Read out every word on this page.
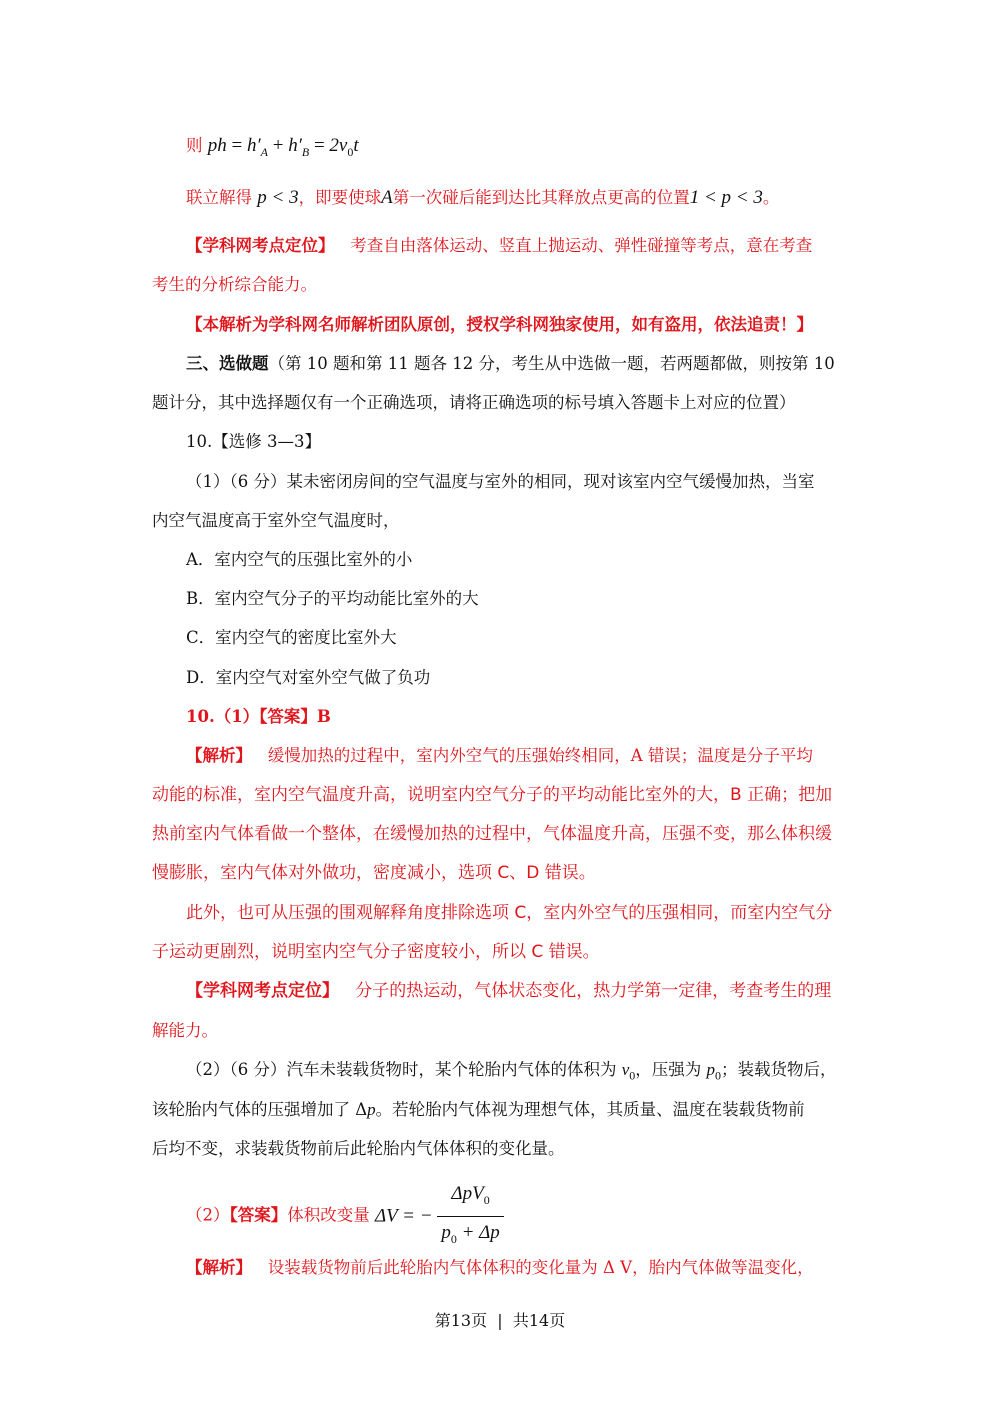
则 ph = $h'_A + h'_B = 2v_0t$
联立解得 p < 3，即要使球A第一次碰后能到达比其释放点更高的位置1 < p < 3。
【学科网考点定位】 考查自由落体运动、竖直上抛运动、弹性碰撞等考点，意在考查
考生的分析综合能力。
【本解析为学科网名师解析团队原创，授权学科网独家使用，如有盗用，依法追责！】
三、选做题（第 10 题和第 11 题各 12 分，考生从中选做一题，若两题都做，则按第 10
题计分，其中选择题仅有一个正确选项，请将正确选项的标号填入答题卡上对应的位置）
10.【选修 3—3】
（1）（6 分）某未密闭房间的空气温度与室外的相同，现对该室内空气缓慢加热，当室
内空气温度高于室外空气温度时，
A．室内空气的压强比室外的小
B．室内空气分子的平均动能比室外的大
C．室内空气的密度比室外大
D．室内空气对室外空气做了负功
10.（1）【答案】B
【解析】 缓慢加热的过程中，室内外空气的压强始终相同，A 错误；温度是分子平均
动能的标准，室内空气温度升高，说明室内空气分子的平均动能比室外的大，B 正确；把加
热前室内气体看做一个整体，在缓慢加热的过程中，气体温度升高，压强不变，那么体积缓
慢膨胀，室内气体对外做功，密度减小，选项 C、D 错误。
此外，也可从压强的围观解释角度排除选项 C，室内外空气的压强相同，而室内空气分
子运动更剧烈，说明室内空气分子密度较小，所以 C 错误。
【学科网考点定位】 分子的热运动，气体状态变化，热力学第一定律，考查考生的理
解能力。
（2）（6 分）汽车未装载货物时，某个轮胎内气体的体积为 $v_0$，压强为 $p_0$；装载货物后，
该轮胎内气体的压强增加了 Δp。若轮胎内气体视为理想气体，其质量、温度在装载货物前
后均不变，求装载货物前后此轮胎内气体体积的变化量。
（2）【答案】体积改变量 ΔV = − $\frac{\Delta pV_0}{p_0 + \Delta p}$
【解析】 设装载货物前后此轮胎内气体体积的变化量为 Δ V，胎内气体做等温变化，
第13页 | 共14页
